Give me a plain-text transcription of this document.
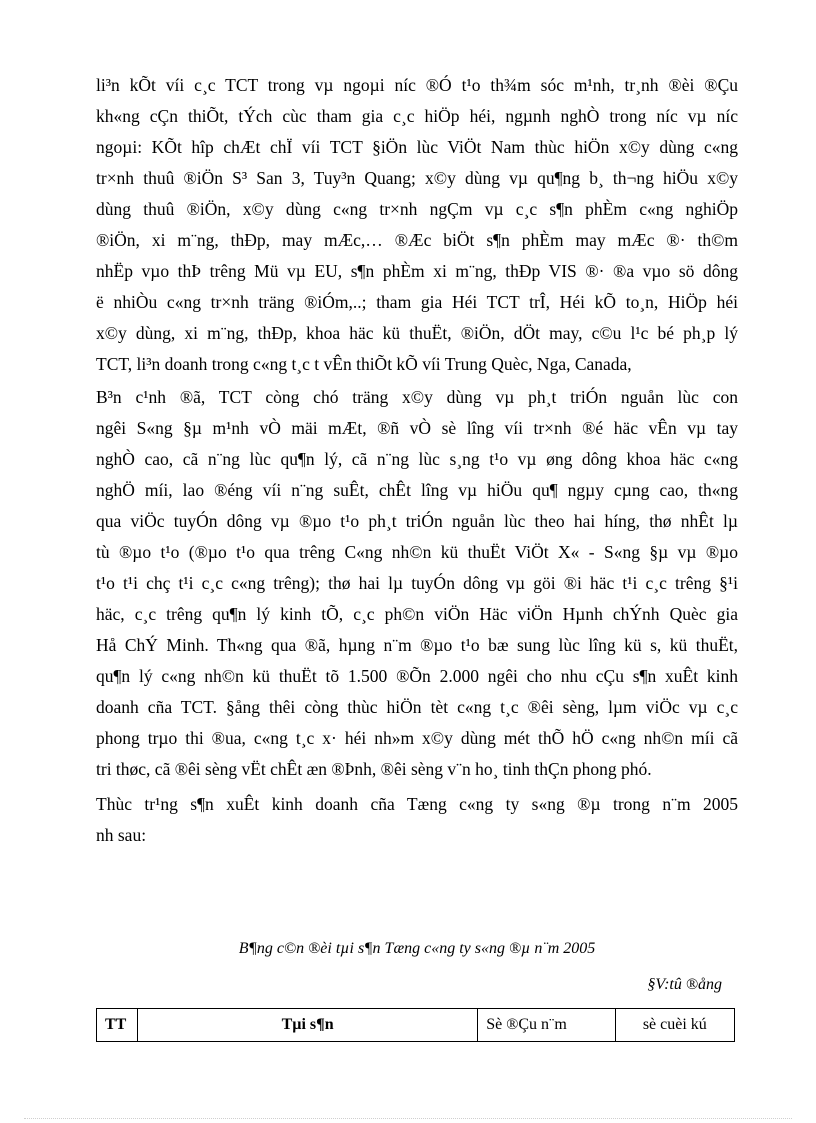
li³n kÕt víi c¸c TCT trong vµ ngoµi níc ®Ó t¹o th¾m sóc m¹nh, tr¸nh ®èi ®Çu
kh«ng cÇn thiÕt, tÝch cùc tham gia c¸c hiÖp héi, ngµnh nghÒ trong níc vµ níc
ngoµi: KÕt hîp chÆt chÏ víi TCT §iÖn lùc ViÖt Nam thùc hiÖn x©y dùng c«ng
tr×nh thuû ®iÖn S³ San 3, Tuy³n Quang; x©y dùng vµ qu¶ng b¸ th¬ng hiÖu x©y
dùng thuû ®iÖn, x©y dùng c«ng tr×nh ngÇm vµ c¸c s¶n phÈm c«ng nghiÖp
®iÖn, xi m¨ng, thÐp, may mÆc,… ®Æc biÖt s¶n phÈm may mÆc ®· th©m
nhËp vµo thÞ trêng Mü vµ EU, s¶n phÈm xi m¨ng, thÐp VIS ®· ®a vµo sö dông
ë nhiÒu c«ng tr×nh träng ®iÓm,..; tham gia Héi TCT trÎ, Héi kÕ to¸n, HiÖp héi
x©y dùng, xi m¨ng, thÐp, khoa häc kü thuËt, ®iÖn, dÖt may, c©u l¹c bé ph¸p lý
TCT, li³n doanh trong c«ng t¸c t vÊn thiÕt kÕ víi Trung Quèc, Nga, Canada,

B³n c¹nh ®ã, TCT còng chó träng x©y dùng vµ ph¸t triÓn nguån lùc con
ngêi S«ng §µ m¹nh vÒ mäi mÆt, ®ñ vÒ sè lîng víi tr×nh ®é häc vÊn vµ tay
nghÒ cao, cã n¨ng lùc qu¶n lý, cã n¨ng lùc s¸ng t¹o vµ øng dông khoa häc c«ng
nghÖ míi, lao ®éng víi n¨ng suÊt, chÊt lîng vµ hiÖu qu¶ ngµy cµng cao, th«ng
qua viÖc tuyÓn dông vµ ®µo t¹o ph¸t triÓn nguån lùc theo hai híng, thø nhÊt lµ
tù ®µo t¹o (®µo t¹o qua trêng C«ng nh©n kü thuËt ViÖt X« - S«ng §µ vµ ®µo
t¹o t¹i chç t¹i c¸c c«ng trêng); thø hai lµ tuyÓn dông vµ göi ®i häc t¹i c¸c trêng §¹i
häc, c¸c trêng qu¶n lý kinh tÕ, c¸c ph©n viÖn Häc viÖn Hµnh chÝnh Quèc gia
Hå ChÝ Minh. Th«ng qua ®ã, hµng n¨m ®µo t¹o bæ sung lùc lîng kü s, kü thuËt,
qu¶n lý c«ng nh©n kü thuËt tõ 1.500 ®Õn 2.000 ngêi cho nhu cÇu s¶n xuÊt kinh
doanh cña TCT. §ång thêi còng thùc hiÖn tèt c«ng t¸c ®êi sèng, lµm viÖc vµ c¸c
phong trµo thi ®ua, c«ng t¸c x· héi nh»m x©y dùng mét thÕ hÖ c«ng nh©n míi cã
tri thøc, cã ®êi sèng vËt chÊt æn ®Þnh, ®êi sèng v¨n ho¸ tinh thÇn phong phó.

Thùc tr¹ng s¶n xuÊt kinh doanh cña Tæng c«ng ty s«ng ®µ trong n¨m 2005
nh sau:

B¶ng c©n ®èi tµi s¶n Tæng c«ng ty s«ng ®µ n¨m 2005
§V:tû ®ång
TT	Tµi s¶n	Sè ®Çu n¨m	sè cuèi kú
